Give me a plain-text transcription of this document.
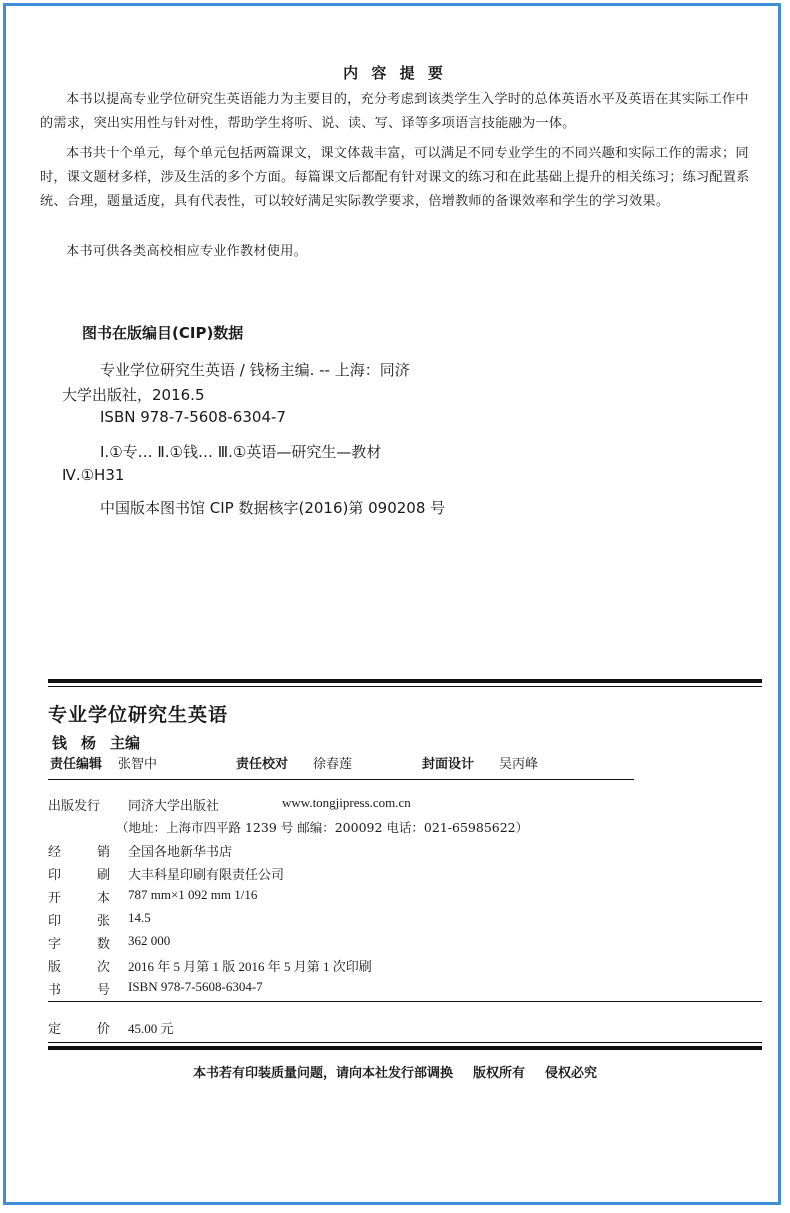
内 容 提 要
本书以提高专业学位研究生英语能力为主要目的，充分考虑到该类学生入学时的总体英语水平及英语在其实际工作中的需求，突出实用性与针对性，帮助学生将听、说、读、写、译等多项语言技能融为一体。
本书共十个单元，每个单元包括两篇课文，课文体裁丰富，可以满足不同专业学生的不同兴趣和实际工作的需求；同时，课文题材多样，涉及生活的多个方面。每篇课文后都配有针对课文的练习和在此基础上提升的相关练习；练习配置系统、合理，题量适度，具有代表性，可以较好满足实际教学要求，倍增教师的备课效率和学生的学习效果。
本书可供各类高校相应专业作教材使用。
图书在版编目(CIP)数据
专业学位研究生英语 / 钱杨主编. -- 上海：同济
大学出版社，2016.5
ISBN 978-7-5608-6304-7
Ⅰ.①专… Ⅱ.①钱… Ⅲ.①英语—研究生—教材
Ⅳ.①H31
中国版本图书馆 CIP 数据核字(2016)第 090208 号
专业学位研究生英语
钱 杨 主编
责任编辑 张智中	责任校对 徐春莲	封面设计 吴丙峰
出版发行 同济大学出版社	www.tongjipress.com.cn
（地址：上海市四平路 1239 号 邮编：200092 电话：021-65985622）
经	销 全国各地新华书店
印	刷 大丰科星印刷有限责任公司
开	本 787 mm×1 092 mm 1/16
印	张 14.5
字	数 362 000
版	次 2016 年 5 月第 1 版 2016 年 5 月第 1 次印刷
书	号 ISBN 978-7-5608-6304-7
定	价 45.00 元
本书若有印装质量问题，请向本社发行部调换 版权所有 侵权必究
